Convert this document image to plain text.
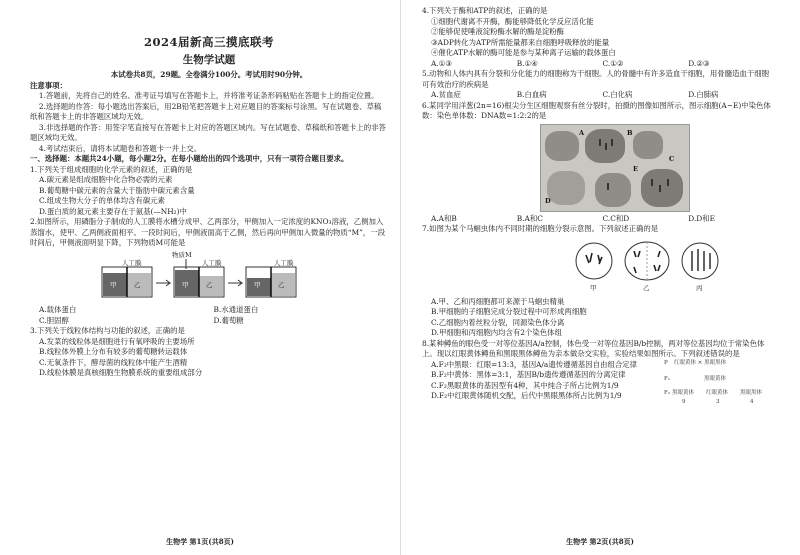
2024届新高三摸底联考
生物学试题
本试卷共8页，29题。全卷满分100分。考试用时90分钟。
注意事项：
1.答题前，先将自己的姓名、准考证号填写在答题卡上，并将准考证条形码粘贴在答题卡上的指定位置。
2.选择题的作答：每小题选出答案后，用2B铅笔把答题卡上对应题目的答案标号涂黑。写在试题卷、草稿纸和答题卡上的非答题区域均无效。
3.非选择题的作答：用签字笔直接写在答题卡上对应的答题区域内。写在试题卷、草稿纸和答题卡上的非答题区域均无效。
4.考试结束后，请将本试题卷和答题卡一并上交。
一、选择题：本题共24小题，每小题2分。在每小题给出的四个选项中，只有一项符合题目要求。
1.下列关于组成细胞的化学元素的叙述，正确的是
A.碳元素是组成细胞中化合物必需的元素
B.葡萄糖中碳元素的含量大于脂肪中碳元素含量
C.组成生物大分子的单体均含有碳元素
D.蛋白质的氮元素主要存在于氨基(—NH₂)中
2.如图所示，用磷脂分子制成的人工膜将水槽分成甲、乙两部分，甲侧加入一定浓度的KNO₃溶液，乙侧加入蒸馏水，使甲、乙两侧液面相平。一段时间后，甲侧液面高于乙侧，然后再向甲侧加入微量的物质“M”，一段时间后，甲侧液面明显下降，下列物质M可能是
人工膜
物质M
人工膜	人工膜
甲	乙	甲	乙	甲	乙
A.载体蛋白	B.水通道蛋白
C.胆固醇	D.葡萄糖
3.下列关于线粒体结构与功能的叙述，正确的是
A.发菜的线粒体是细胞进行有氧呼吸的主要场所
B.线粒体外膜上分布有较多的葡萄糖转运载体
C.无氧条件下，酵母菌的线粒体中能产生酒精
D.线粒体膜是真核细胞生物膜系统的重要组成部分
生物学 第1页(共8页)
4.下列关于酶和ATP的叙述，正确的是
①细胞代谢离不开酶，酶能够降低化学反应活化能
②能够促使唾液淀粉酶水解的酶是淀粉酶
③ADP转化为ATP所需能量都来自细胞呼吸释放的能量
④催化ATP水解的酶可能是参与某种离子运输的载体蛋白
A.①③	B.①④	C.①②	D.②③
5.动物和人体内具有分裂和分化能力的细胞称为干细胞。人的骨髓中有许多造血干细胞，用骨髓造血干细胞可有效治疗的疾病是
A.贫血症	B.白血病	C.白化病	D.白肺病
6.某同学用洋葱(2n=16)根尖分生区细胞观察有丝分裂时，拍摄的图像如图所示，图示细胞(A~E)中染色体数：染色单体数：DNA数=1:2:2的是
A	B
C
D
E
A.A和B	B.A和C	C.C和D	D.D和E
7.如图为某个马蛔虫体内不同时期的细胞分裂示意图。下列叙述正确的是
甲	乙	丙
A.甲、乙和丙细胞都可来源于马蛔虫精巢
B.甲细胞的子细胞完成分裂过程中可形成两细胞
C.乙细胞内着丝粒分裂，同源染色体分离
D.甲细胞和丙细胞内均含有2个染色体组
8.某种鳟鱼的眼色受一对等位基因A/a控制，体色受一对等位基因B/b控制，两对等位基因均位于常染色体上。现以红眼黄体鳟鱼和黑眼黑体鳟鱼为亲本做杂交实验，实验结果如图所示。下列叙述错误的是
A.F₂中黑眼：红眼=13:3，基因A/a遗传遵循基因自由组合定律
B.F₂中黄体：黑体=3:1，基因B/b遗传遵循基因的分离定律
C.F₂黑眼黄体的基因型有4种，其中纯合子所占比例为1/9
D.F₂中红眼黄体随机交配，后代中黑眼黑体所占比例为1/9
P 红眼黄体 × 黑眼黑体
F₁	黑眼黄体
F₂ 黑眼黄体 红眼黄体 黑眼黑体
9	3	4
生物学 第2页(共8页)
